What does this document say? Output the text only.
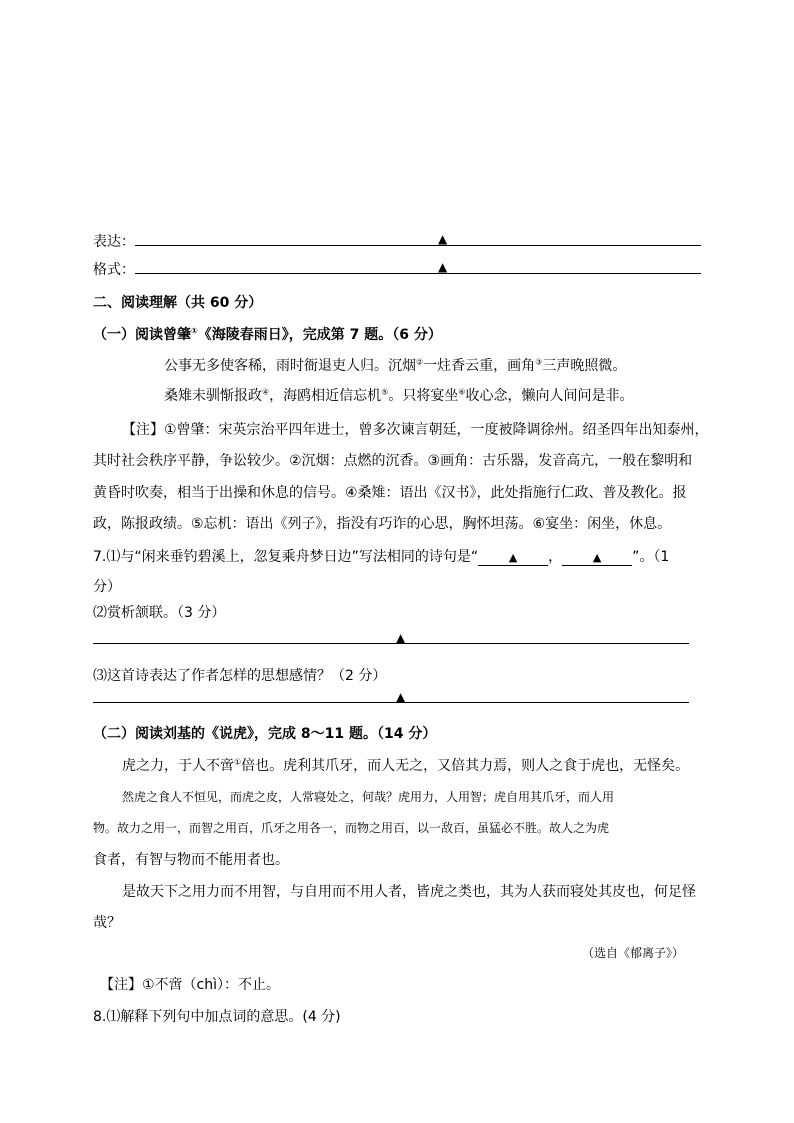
表达：	▲
格式：	▲
二、阅读理解（共 60 分）
（一）阅读曾肇①《海陵春雨日》，完成第 7 题。（6 分）
公事无多使客稀，雨时衙退吏人归。沉烟②一炷香云重，画角③三声晚照微。
桑雉未驯惭报政④，海鸥相近信忘机⑤。只将宴坐⑥收心念，懒向人间问是非。
【注】①曾肇：宋英宗治平四年进士，曾多次谏言朝廷，一度被降调徐州。绍圣四年出知泰州，
其时社会秩序平静，争讼较少。②沉烟：点燃的沉香。③画角：古乐器，发音高亢，一般在黎明和
黄昏时吹奏，相当于出操和休息的信号。④桑雉：语出《汉书》，此处指施行仁政、普及教化。报
政，陈报政绩。⑤忘机：语出《列子》，指没有巧诈的心思，胸怀坦荡。⑥宴坐：闲坐，休息。
7.⑴与“闲来垂钓碧溪上，忽复乘舟梦日边”写法相同的诗句是“	▲ ，	▲ ”。（1
分）
⑵赏析颔联。（3 分）
▲
⑶这首诗表达了作者怎样的思想感情？（2 分）
▲
（二）阅读刘基的《说虎》，完成 8～11 题。（14 分）
虎之力，于人不啻①倍也。虎利其爪牙，而人无之，又倍其力焉，则人之食于虎也，无怪矣。
然虎之食人不恒见，而虎之皮，人常寝处之，何哉？虎用力，人用智；虎自用其爪牙，而人用
物。故力之用一，而智之用百，爪牙之用各一，而物之用百，以一敌百，虽猛必不胜。故人之为虎
食者，有智与物而不能用者也。
是故天下之用力而不用智，与自用而不用人者，皆虎之类也，其为人获而寝处其皮也，何足怪
哉？
（选自《郁离子》）
【注】①不啻（chì）：不止。
8.⑴解释下列句中加点词的意思。(4 分)
